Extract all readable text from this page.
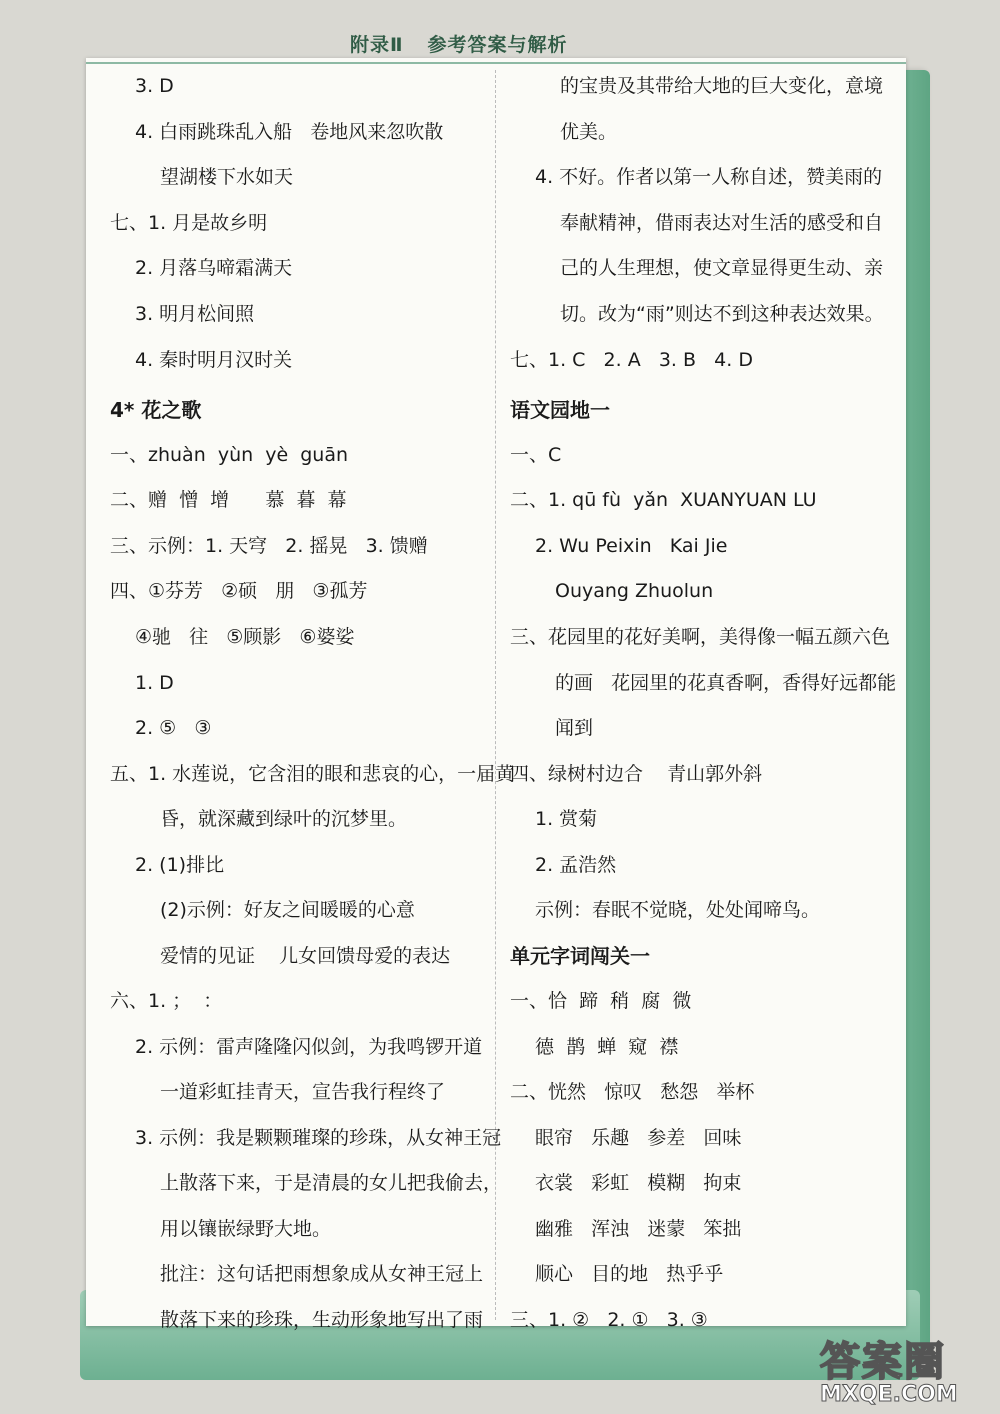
附录Ⅱ 参考答案与解析
3. D
4. 白雨跳珠乱入船   卷地风来忽吹散
望湖楼下水如天
七、1. 月是故乡明
2. 月落乌啼霜满天
3. 明月松间照
4. 秦时明月汉时关
4* 花之歌
一、zhuàn  yùn  yè  guān
二、赠  憎  增      慕  暮  幕
三、示例：1. 天穹   2. 摇晃   3. 馈赠
四、①芬芳   ②硕   朋   ③孤芳
④驰   往   ⑤顾影   ⑥婆娑
1. D
2. ⑤   ③
五、1. 水莲说，它含泪的眼和悲哀的心，一届黄
昏，就深藏到绿叶的沉梦里。
2. (1)排比
(2)示例：好友之间暖暖的心意
爱情的见证    儿女回馈母爱的表达
六、1. ；  ：
2. 示例：雷声隆隆闪似剑，为我鸣锣开道
一道彩虹挂青天，宣告我行程终了
3. 示例：我是颗颗璀璨的珍珠，从女神王冠
上散落下来，于是清晨的女儿把我偷去，
用以镶嵌绿野大地。
批注：这句话把雨想象成从女神王冠上
散落下来的珍珠，生动形象地写出了雨
的宝贵及其带给大地的巨大变化，意境
优美。
4. 不好。作者以第一人称自述，赞美雨的
奉献精神，借雨表达对生活的感受和自
己的人生理想，使文章显得更生动、亲
切。改为“雨”则达不到这种表达效果。
七、1. C   2. A   3. B   4. D
语文园地一
一、C
二、1. qū fù  yǎn  XUANYUAN LU
2. Wu Peixin   Kai Jie
Ouyang Zhuolun
三、花园里的花好美啊，美得像一幅五颜六色
的画   花园里的花真香啊，香得好远都能
闻到
四、绿树村边合    青山郭外斜
1. 赏菊
2. 孟浩然
示例：春眠不觉晓，处处闻啼鸟。
单元字词闯关一
一、恰  蹄  稍  腐  微
德  鹊  蝉  窥  襟
二、恍然   惊叹   愁怨   举杯
眼帘   乐趣   参差   回味
衣裳   彩虹   模糊   拘束
幽雅   浑浊   迷蒙   笨拙
顺心   目的地   热乎乎
三、1. ②   2. ①   3. ③
答案圈
MXQE.COM
